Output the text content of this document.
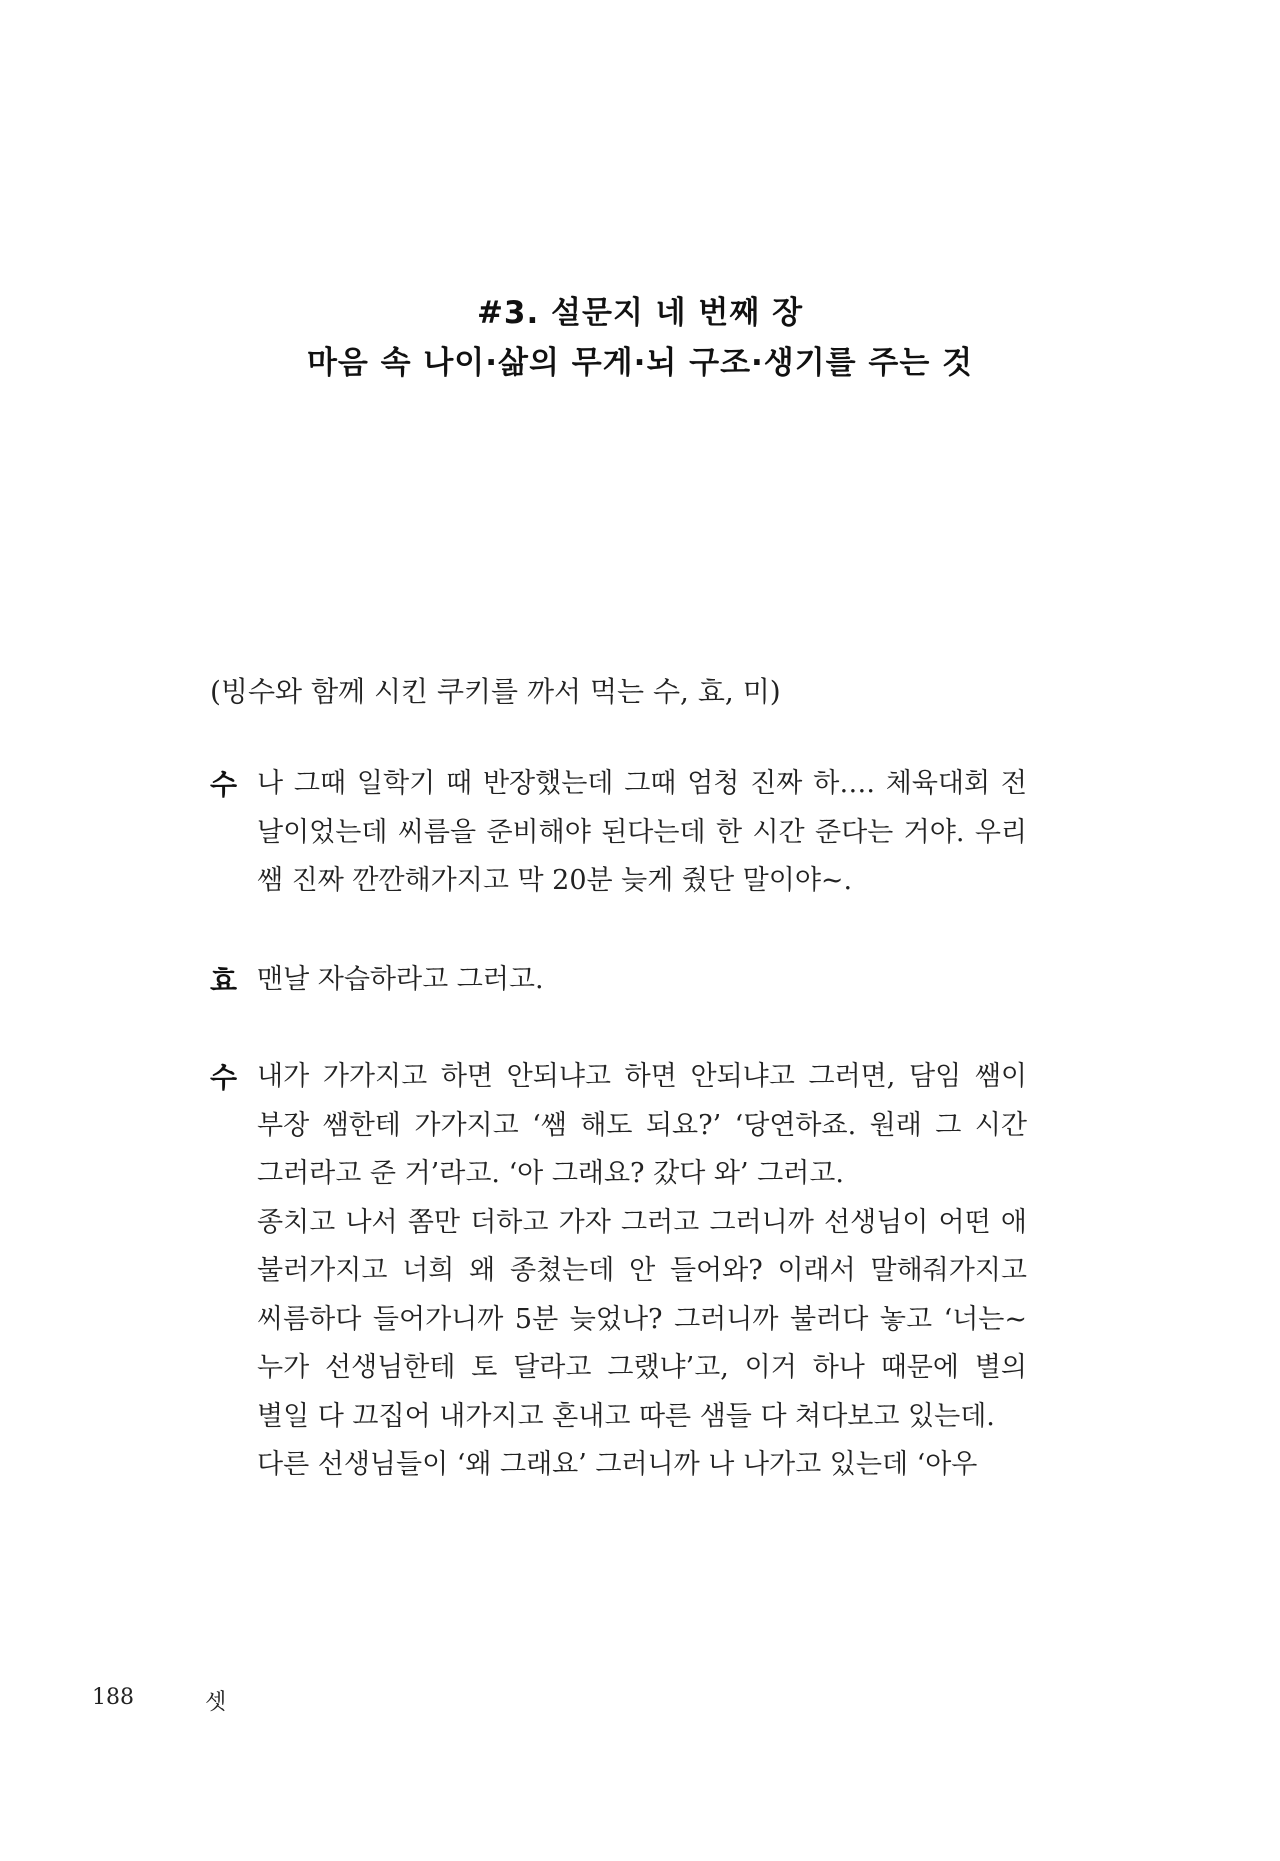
#3. 설문지 네 번째 장
마음 속 나이·삶의 무게·뇌 구조·생기를 주는 것
(빙수와 함께 시킨 쿠키를 까서 먹는 수, 효, 미)
수 나 그때 일학기 때 반장했는데 그때 엄청 진짜 하…. 체육대회 전 날이었는데 씨름을 준비해야 된다는데 한 시간 준다는 거야. 우리 쌤 진짜 깐깐해가지고 막 20분 늦게 줬단 말이야~.

효 맨날 자습하라고 그러고.

수 내가 가가지고 하면 안되냐고 하면 안되냐고 그러면, 담임 쌤이 부장 쌤한테 가가지고 ‘쌤 해도 되요?’ ‘당연하죠. 원래 그 시간 그러라고 준 거’라고. ‘아 그래요? 갔다 와’ 그러고.

종치고 나서 쫌만 더하고 가자 그러고 그러니까 선생님이 어떤 애 불러가지고 너희 왜 종쳤는데 안 들어와? 이래서 말해줘가지고 씨름하다 들어가니까 5분 늦었나? 그러니까 불러다 놓고 ‘너는~ 누가 선생님한테 토 달라고 그랬냐’고, 이거 하나 때문에 별의 별일 다 끄집어 내가지고 혼내고 따른 샘들 다 쳐다보고 있는데.

다른 선생님들이 ‘왜 그래요’ 그러니까 나 나가고 있는데 ‘아우

188	셋
